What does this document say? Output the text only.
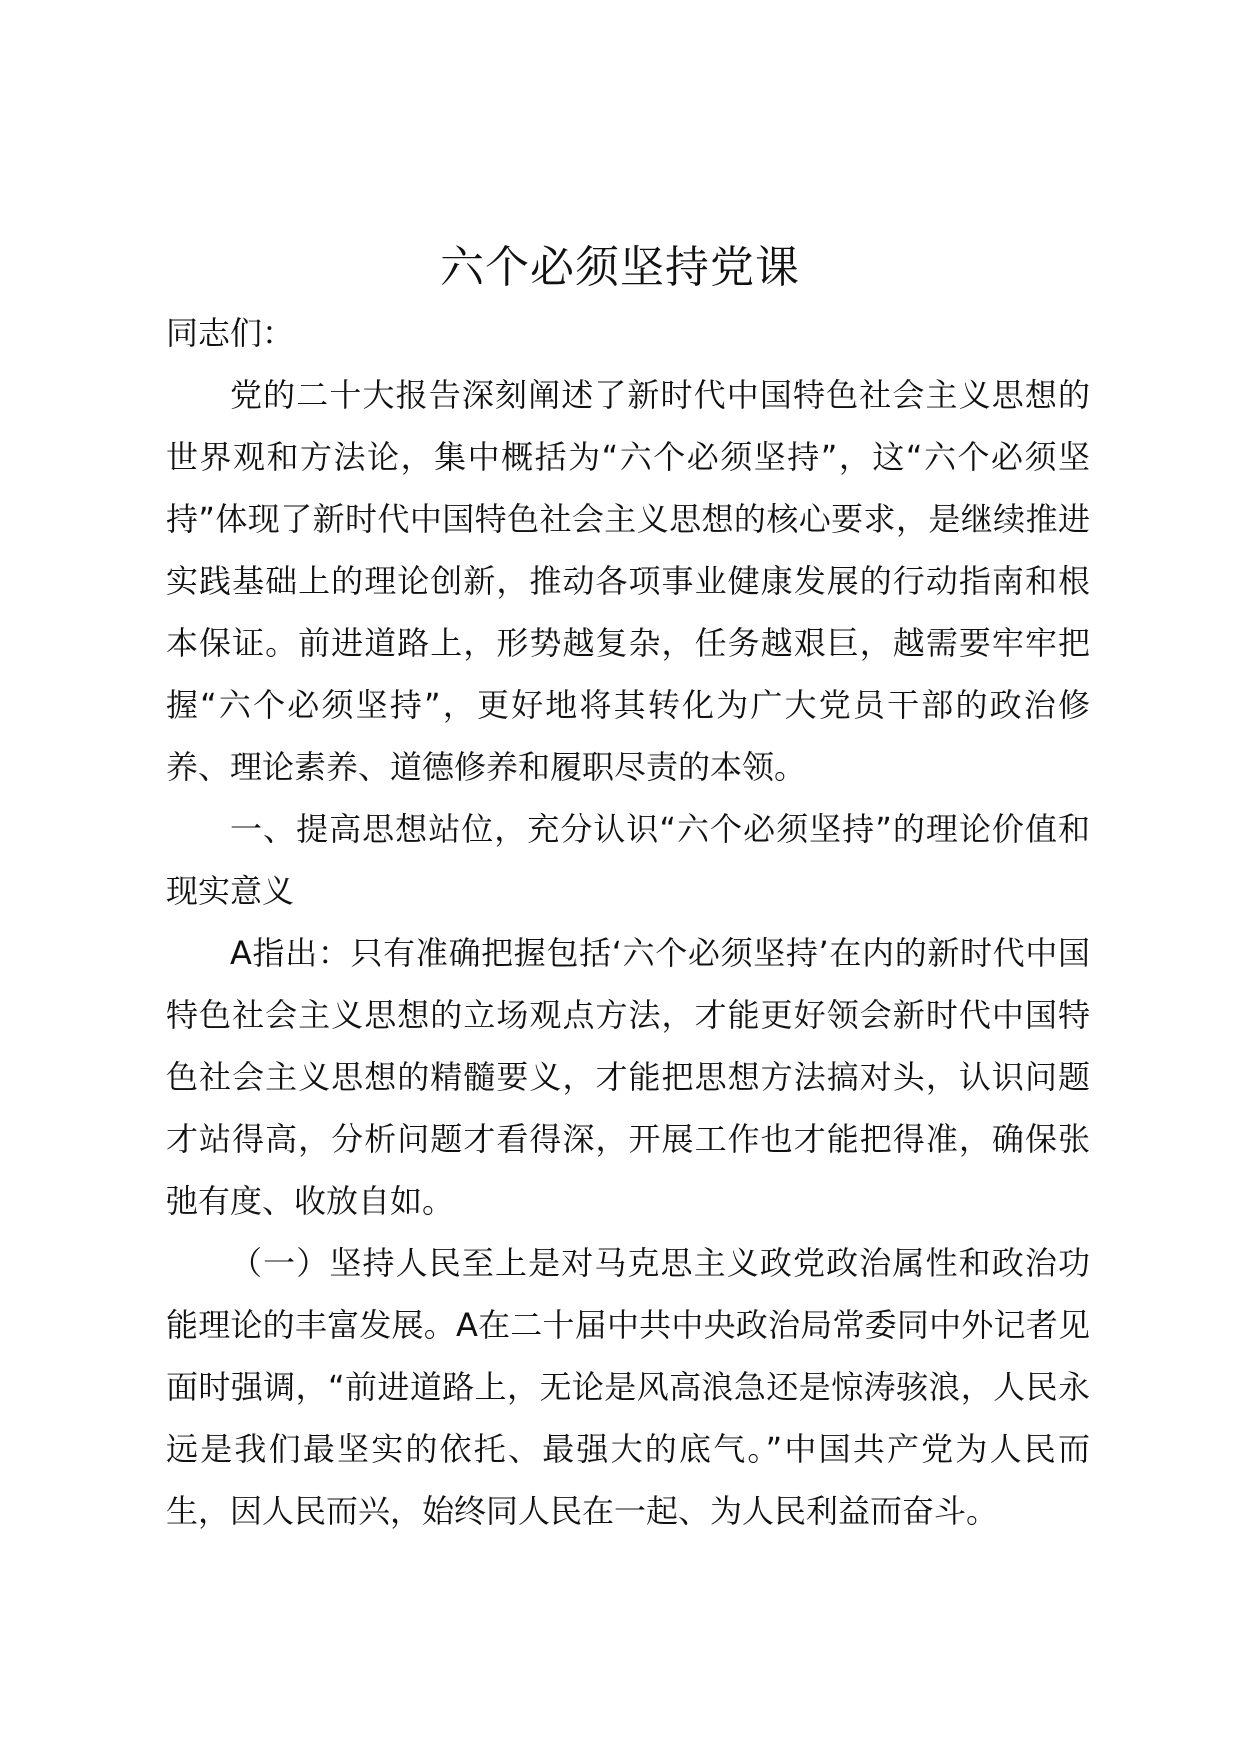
六个必须坚持党课

同志们：

党的二十大报告深刻阐述了新时代中国特色社会主义思想的世界观和方法论，集中概括为“六个必须坚持”，这“六个必须坚持”体现了新时代中国特色社会主义思想的核心要求，是继续推进实践基础上的理论创新，推动各项事业健康发展的行动指南和根本保证。前进道路上，形势越复杂，任务越艰巨，越需要牢牢把握“六个必须坚持”，更好地将其转化为广大党员干部的政治修养、理论素养、道德修养和履职尽责的本领。

一、提高思想站位，充分认识“六个必须坚持”的理论价值和现实意义

A指出：只有准确把握包括‘六个必须坚持’在内的新时代中国特色社会主义思想的立场观点方法，才能更好领会新时代中国特色社会主义思想的精髓要义，才能把思想方法搞对头，认识问题才站得高，分析问题才看得深，开展工作也才能把得准，确保张弛有度、收放自如。

（一）坚持人民至上是对马克思主义政党政治属性和政治功能理论的丰富发展。A在二十届中共中央政治局常委同中外记者见面时强调，“前进道路上，无论是风高浪急还是惊涛骇浪，人民永远是我们最坚实的依托、最强大的底气。”中国共产党为人民而生，因人民而兴，始终同人民在一起、为人民利益而奋斗。
